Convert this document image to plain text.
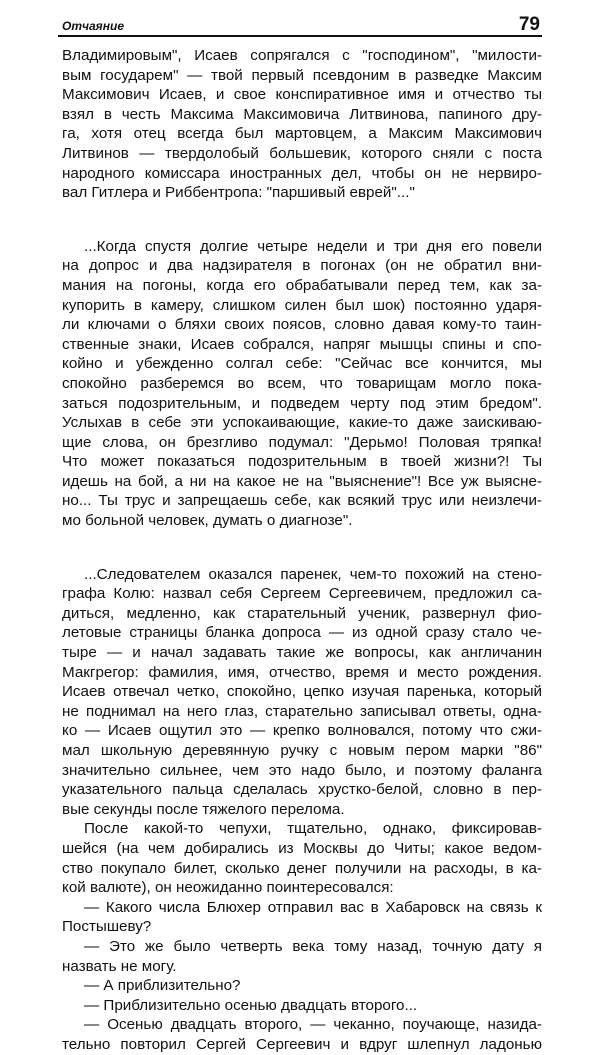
Отчаяние	79
Владимировым", Исаев сопрягался с "господином", "милости-
вым государем" — твой первый псевдоним в разведке Максим
Максимович Исаев, и свое конспиративное имя и отчество ты
взял в честь Максима Максимовича Литвинова, папиного дру-
га, хотя отец всегда был мартовцем, а Максим Максимович
Литвинов — твердолобый большевик, которого сняли с поста
народного комиссара иностранных дел, чтобы он не нервиро-
вал Гитлера и Риббентропа: "паршивый еврей"..."
...Когда спустя долгие четыре недели и три дня его повели
на допрос и два надзирателя в погонах (он не обратил вни-
мания на погоны, когда его обрабатывали перед тем, как за-
купорить в камеру, слишком силен был шок) постоянно ударя-
ли ключами о бляхи своих поясов, словно давая кому-то таин-
ственные знаки, Исаев собрался, напряг мышцы спины и спо-
койно и убежденно солгал себе: "Сейчас все кончится, мы
спокойно разберемся во всем, что товарищам могло пока-
заться подозрительным, и подведем черту под этим бредом".
Услыхав в себе эти успокаивающие, какие-то даже заискиваю-
щие слова, он брезгливо подумал: "Дерьмо! Половая тряпка!
Что может показаться подозрительным в твоей жизни?! Ты
идешь на бой, а ни на какое не на "выяснение"! Все уж выясне-
но... Ты трус и запрещаешь себе, как всякий трус или неизлечи-
мо больной человек, думать о диагнозе".
...Следователем оказался паренек, чем-то похожий на стено-
графа Колю: назвал себя Сергеем Сергеевичем, предложил са-
диться, медленно, как старательный ученик, развернул фио-
летовые страницы бланка допроса — из одной сразу стало че-
тыре — и начал задавать такие же вопросы, как англичанин
Макгрегор: фамилия, имя, отчество, время и место рождения.
Исаев отвечал четко, спокойно, цепко изучая паренька, который
не поднимал на него глаз, старательно записывал ответы, одна-
ко — Исаев ощутил это — крепко волновался, потому что сжи-
мал школьную деревянную ручку с новым пером марки "86"
значительно сильнее, чем это надо было, и поэтому фаланга
указательного пальца сделалась хрустко-белой, словно в пер-
вые секунды после тяжелого перелома.
После какой-то чепухи, тщательно, однако, фиксировав-
шейся (на чем добирались из Москвы до Читы; какое ведом-
ство покупало билет, сколько денег получили на расходы, в ка-
кой валюте), он неожиданно поинтересовался:
— Какого числа Блюхер отправил вас в Хабаровск на связь к
Постышеву?
— Это же было четверть века тому назад, точную дату я
назвать не могу.
— А приблизительно?
— Приблизительно осенью двадцать второго...
— Осенью двадцать второго, — чеканно, поучающе, назида-
тельно повторил Сергей Сергеевич и вдруг шлепнул ладонью
